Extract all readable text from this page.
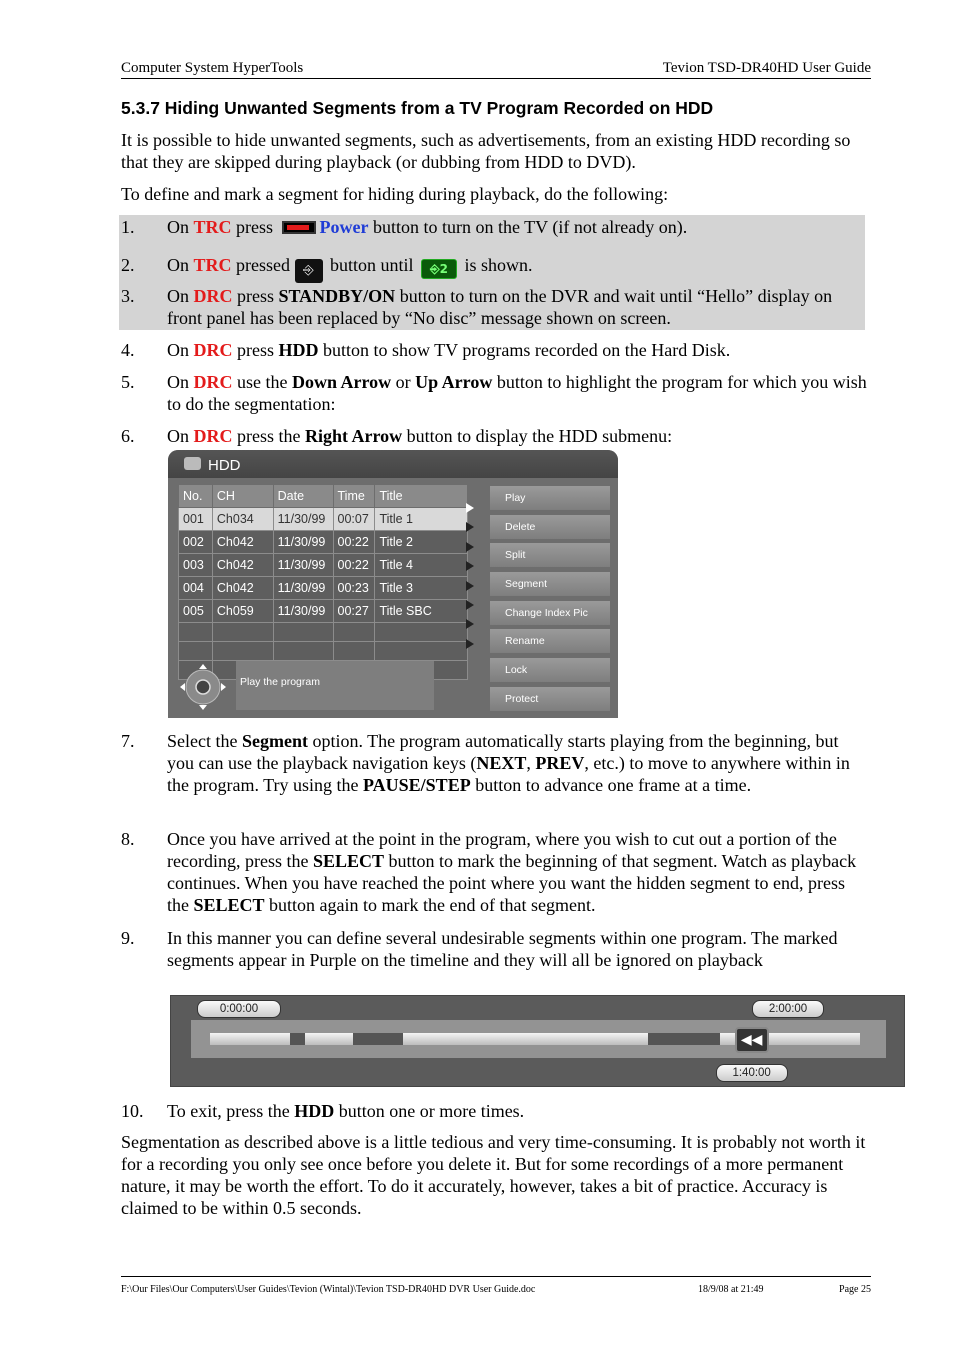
Computer System HyperTools	Tevion TSD-DR40HD User Guide
5.3.7 Hiding Unwanted Segments from a TV Program Recorded on HDD
It is possible to hide unwanted segments, such as advertisements, from an existing HDD recording so that they are skipped during playback (or dubbing from HDD to DVD).
To define and mark a segment for hiding during playback, do the following:
1. On TRC press Power button to turn on the TV (if not already on).
2. On TRC pressed ⎆ button until ⎆2 is shown.
3. On DRC press STANDBY/ON button to turn on the DVR and wait until “Hello” display on front panel has been replaced by “No disc” message shown on screen.
4. On DRC press HDD button to show TV programs recorded on the Hard Disk.
5. On DRC use the Down Arrow or Up Arrow button to highlight the program for which you wish to do the segmentation:
6. On DRC press the Right Arrow button to display the HDD submenu:
HDD
No.	CH	Date	Time	Title
001	Ch034	11/30/99	00:07	Title 1
002	Ch042	11/30/99	00:22	Title 2
003	Ch042	11/30/99	00:22	Title 4
004	Ch042	11/30/99	00:23	Title 3
005	Ch059	11/30/99	00:27	Title SBC

Play
Delete
Split
Segment
Change Index Pic
Rename
Lock
Protect
Play the program
7. Select the Segment option. The program automatically starts playing from the beginning, but you can use the playback navigation keys (NEXT, PREV, etc.) to move to anywhere within in the program. Try using the PAUSE/STEP button to advance one frame at a time.
8. Once you have arrived at the point in the program, where you wish to cut out a portion of the recording, press the SELECT button to mark the beginning of that segment. Watch as playback continues. When you have reached the point where you want the hidden segment to end, press the SELECT button again to mark the end of that segment.
9. In this manner you can define several undesirable segments within one program. The marked segments appear in Purple on the timeline and they will all be ignored on playback
0:00:00	2:00:00
◀◀
1:40:00
10. To exit, press the HDD button one or more times.
Segmentation as described above is a little tedious and very time-consuming. It is probably not worth it for a recording you only see once before you delete it. But for some recordings of a more permanent nature, it may be worth the effort. To do it accurately, however, takes a bit of practice. Accuracy is claimed to be within 0.5 seconds.
F:\Our Files\Our Computers\User Guides\Tevion (Wintal)\Tevion TSD-DR40HD DVR User Guide.doc	18/9/08 at 21:49	Page 25
